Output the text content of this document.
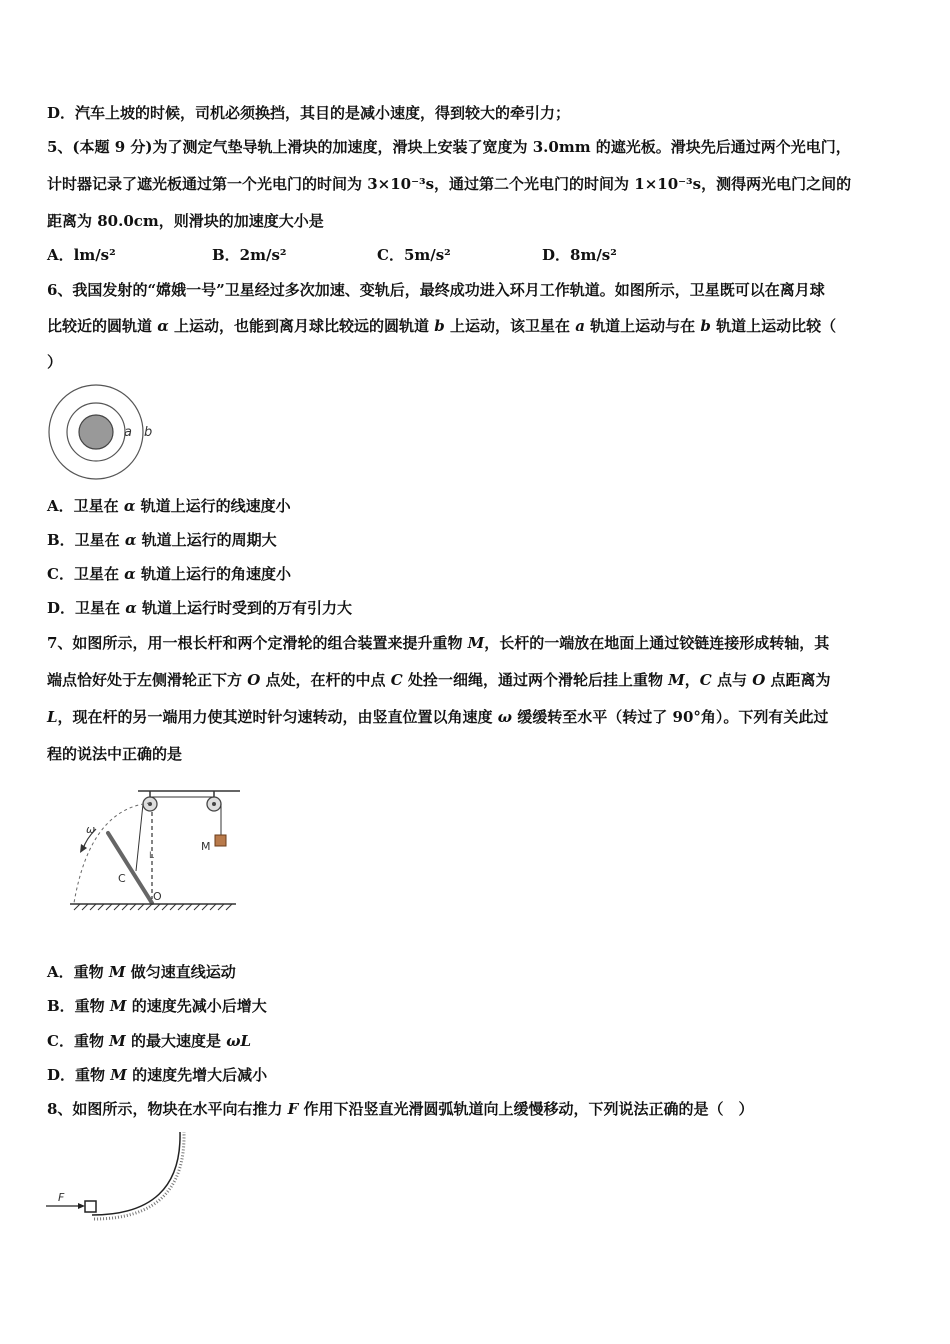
D．汽车上坡的时候，司机必须换挡，其目的是减小速度，得到较大的牵引力；
5、(本题 9 分)为了测定气垫导轨上滑块的加速度，滑块上安装了宽度为 3.0mm 的遮光板。滑块先后通过两个光电门，
计时器记录了遮光板通过第一个光电门的时间为 3×10⁻³s，通过第二个光电门的时间为 1×10⁻³s，测得两光电门之间的
距离为 80.0cm，则滑块的加速度大小是
A．lm/s²	B．2m/s²	C．5m/s²	D．8m/s²
6、我国发射的“嫦娥一号”卫星经过多次加速、变轨后，最终成功进入环月工作轨道。如图所示，卫星既可以在离月球
比较近的圆轨道 α 上运动，也能到离月球比较远的圆轨道 b 上运动，该卫星在 a 轨道上运动与在 b 轨道上运动比较（
）
a b
A．卫星在 α 轨道上运行的线速度小
B．卫星在 α 轨道上运行的周期大
C．卫星在 α 轨道上运行的角速度小
D．卫星在 α 轨道上运行时受到的万有引力大
7、如图所示，用一根长杆和两个定滑轮的组合装置来提升重物 M，长杆的一端放在地面上通过铰链连接形成转轴，其
端点恰好处于左侧滑轮正下方 O 点处，在杆的中点 C 处拴一细绳，通过两个滑轮后挂上重物 M，C 点与 O 点距离为
L，现在杆的另一端用力使其逆时针匀速转动，由竖直位置以角速度 ω 缓缓转至水平（转过了 90°角）。下列有关此过
程的说法中正确的是
M
L
C
O
ω
A．重物 M 做匀速直线运动
B．重物 M 的速度先减小后增大
C．重物 M 的最大速度是 ωL
D．重物 M 的速度先增大后减小
8、如图所示，物块在水平向右推力 F 作用下沿竖直光滑圆弧轨道向上缓慢移动，下列说法正确的是（　）
F
